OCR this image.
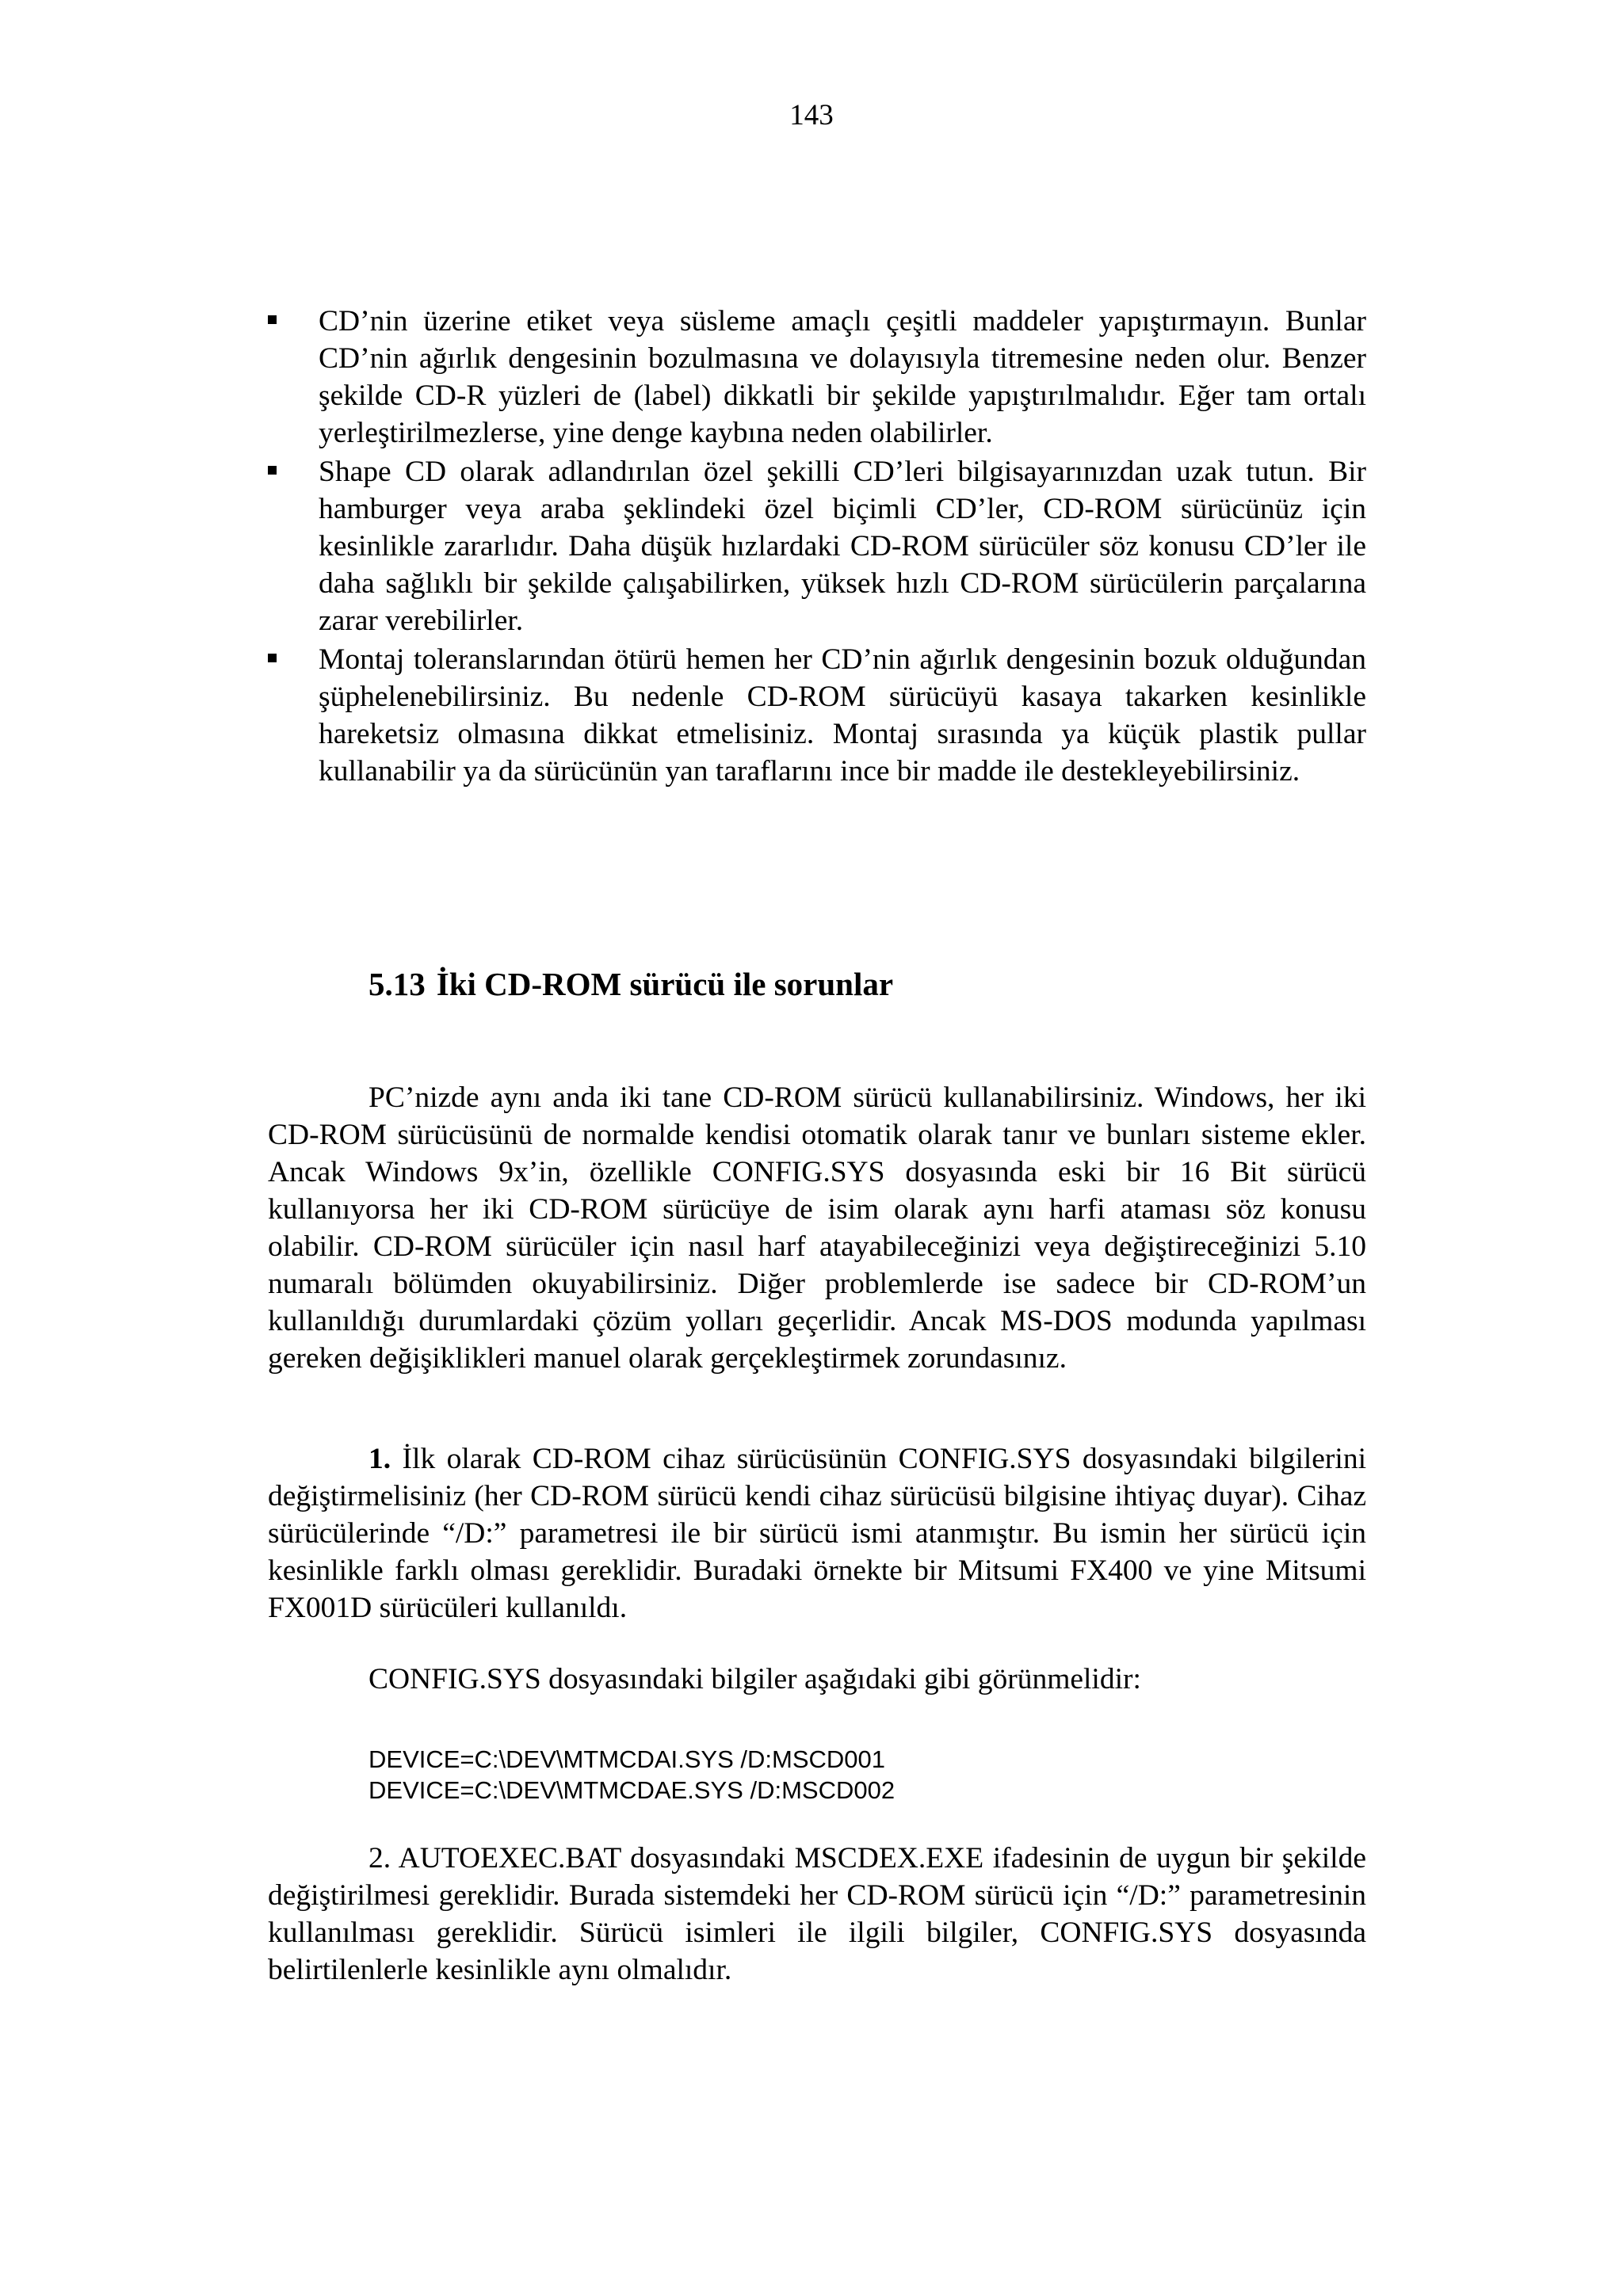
143
CD’nin üzerine etiket veya süsleme amaçlı çeşitli maddeler yapıştırmayın. Bunlar CD’nin ağırlık dengesinin bozulmasına ve dolayısıyla titremesine neden olur. Benzer şekilde CD-R yüzleri de (label) dikkatli bir şekilde yapıştırılmalıdır. Eğer tam ortalı yerleştirilmezlerse, yine denge kaybına neden olabilirler.
Shape CD olarak adlandırılan özel şekilli CD’leri bilgisayarınızdan uzak tutun. Bir hamburger veya araba şeklindeki özel biçimli CD’ler, CD-ROM sürücünüz için kesinlikle zararlıdır. Daha düşük hızlardaki CD-ROM sürücüler söz konusu CD’ler ile daha sağlıklı bir şekilde çalışabilirken, yüksek hızlı CD-ROM sürücülerin parçalarına zarar verebilirler.
Montaj toleranslarından ötürü hemen her CD’nin ağırlık dengesinin bozuk olduğundan şüphelenebilirsiniz. Bu nedenle CD-ROM sürücüyü kasaya takarken kesinlikle hareketsiz olmasına dikkat etmelisiniz. Montaj sırasında ya küçük plastik pullar kullanabilir ya da sürücünün yan taraflarını ince bir madde ile destekleyebilirsiniz.
5.13 İki CD-ROM sürücü ile sorunlar

PC’nizde aynı anda iki tane CD-ROM sürücü kullanabilirsiniz. Windows, her iki CD-ROM sürücüsünü de normalde kendisi otomatik olarak tanır ve bunları sisteme ekler. Ancak Windows 9x’in, özellikle CONFIG.SYS dosyasında eski bir 16 Bit sürücü kullanıyorsa her iki CD-ROM sürücüye de isim olarak aynı harfi ataması söz konusu olabilir. CD-ROM sürücüler için nasıl harf atayabileceğinizi veya değiştireceğinizi 5.10 numaralı bölümden okuyabilirsiniz. Diğer problemlerde ise sadece bir CD-ROM’un kullanıldığı durumlardaki çözüm yolları geçerlidir. Ancak MS-DOS modunda yapılması gereken değişiklikleri manuel olarak gerçekleştirmek zorundasınız.

1. İlk olarak CD-ROM cihaz sürücüsünün CONFIG.SYS dosyasındaki bilgilerini değiştirmelisiniz (her CD-ROM sürücü kendi cihaz sürücüsü bilgisine ihtiyaç duyar). Cihaz sürücülerinde “/D:” parametresi ile bir sürücü ismi atanmıştır. Bu ismin her sürücü için kesinlikle farklı olması gereklidir. Buradaki örnekte bir Mitsumi FX400 ve yine Mitsumi FX001D sürücüleri kullanıldı.

CONFIG.SYS dosyasındaki bilgiler aşağıdaki gibi görünmelidir:

DEVICE=C:\DEV\MTMCDAI.SYS /D:MSCD001
DEVICE=C:\DEV\MTMCDAE.SYS /D:MSCD002

2. AUTOEXEC.BAT dosyasındaki MSCDEX.EXE ifadesinin de uygun bir şekilde değiştirilmesi gereklidir. Burada sistemdeki her CD-ROM sürücü için “/D:” parametresinin kullanılması gereklidir. Sürücü isimleri ile ilgili bilgiler, CONFIG.SYS dosyasında belirtilenlerle kesinlikle aynı olmalıdır.
